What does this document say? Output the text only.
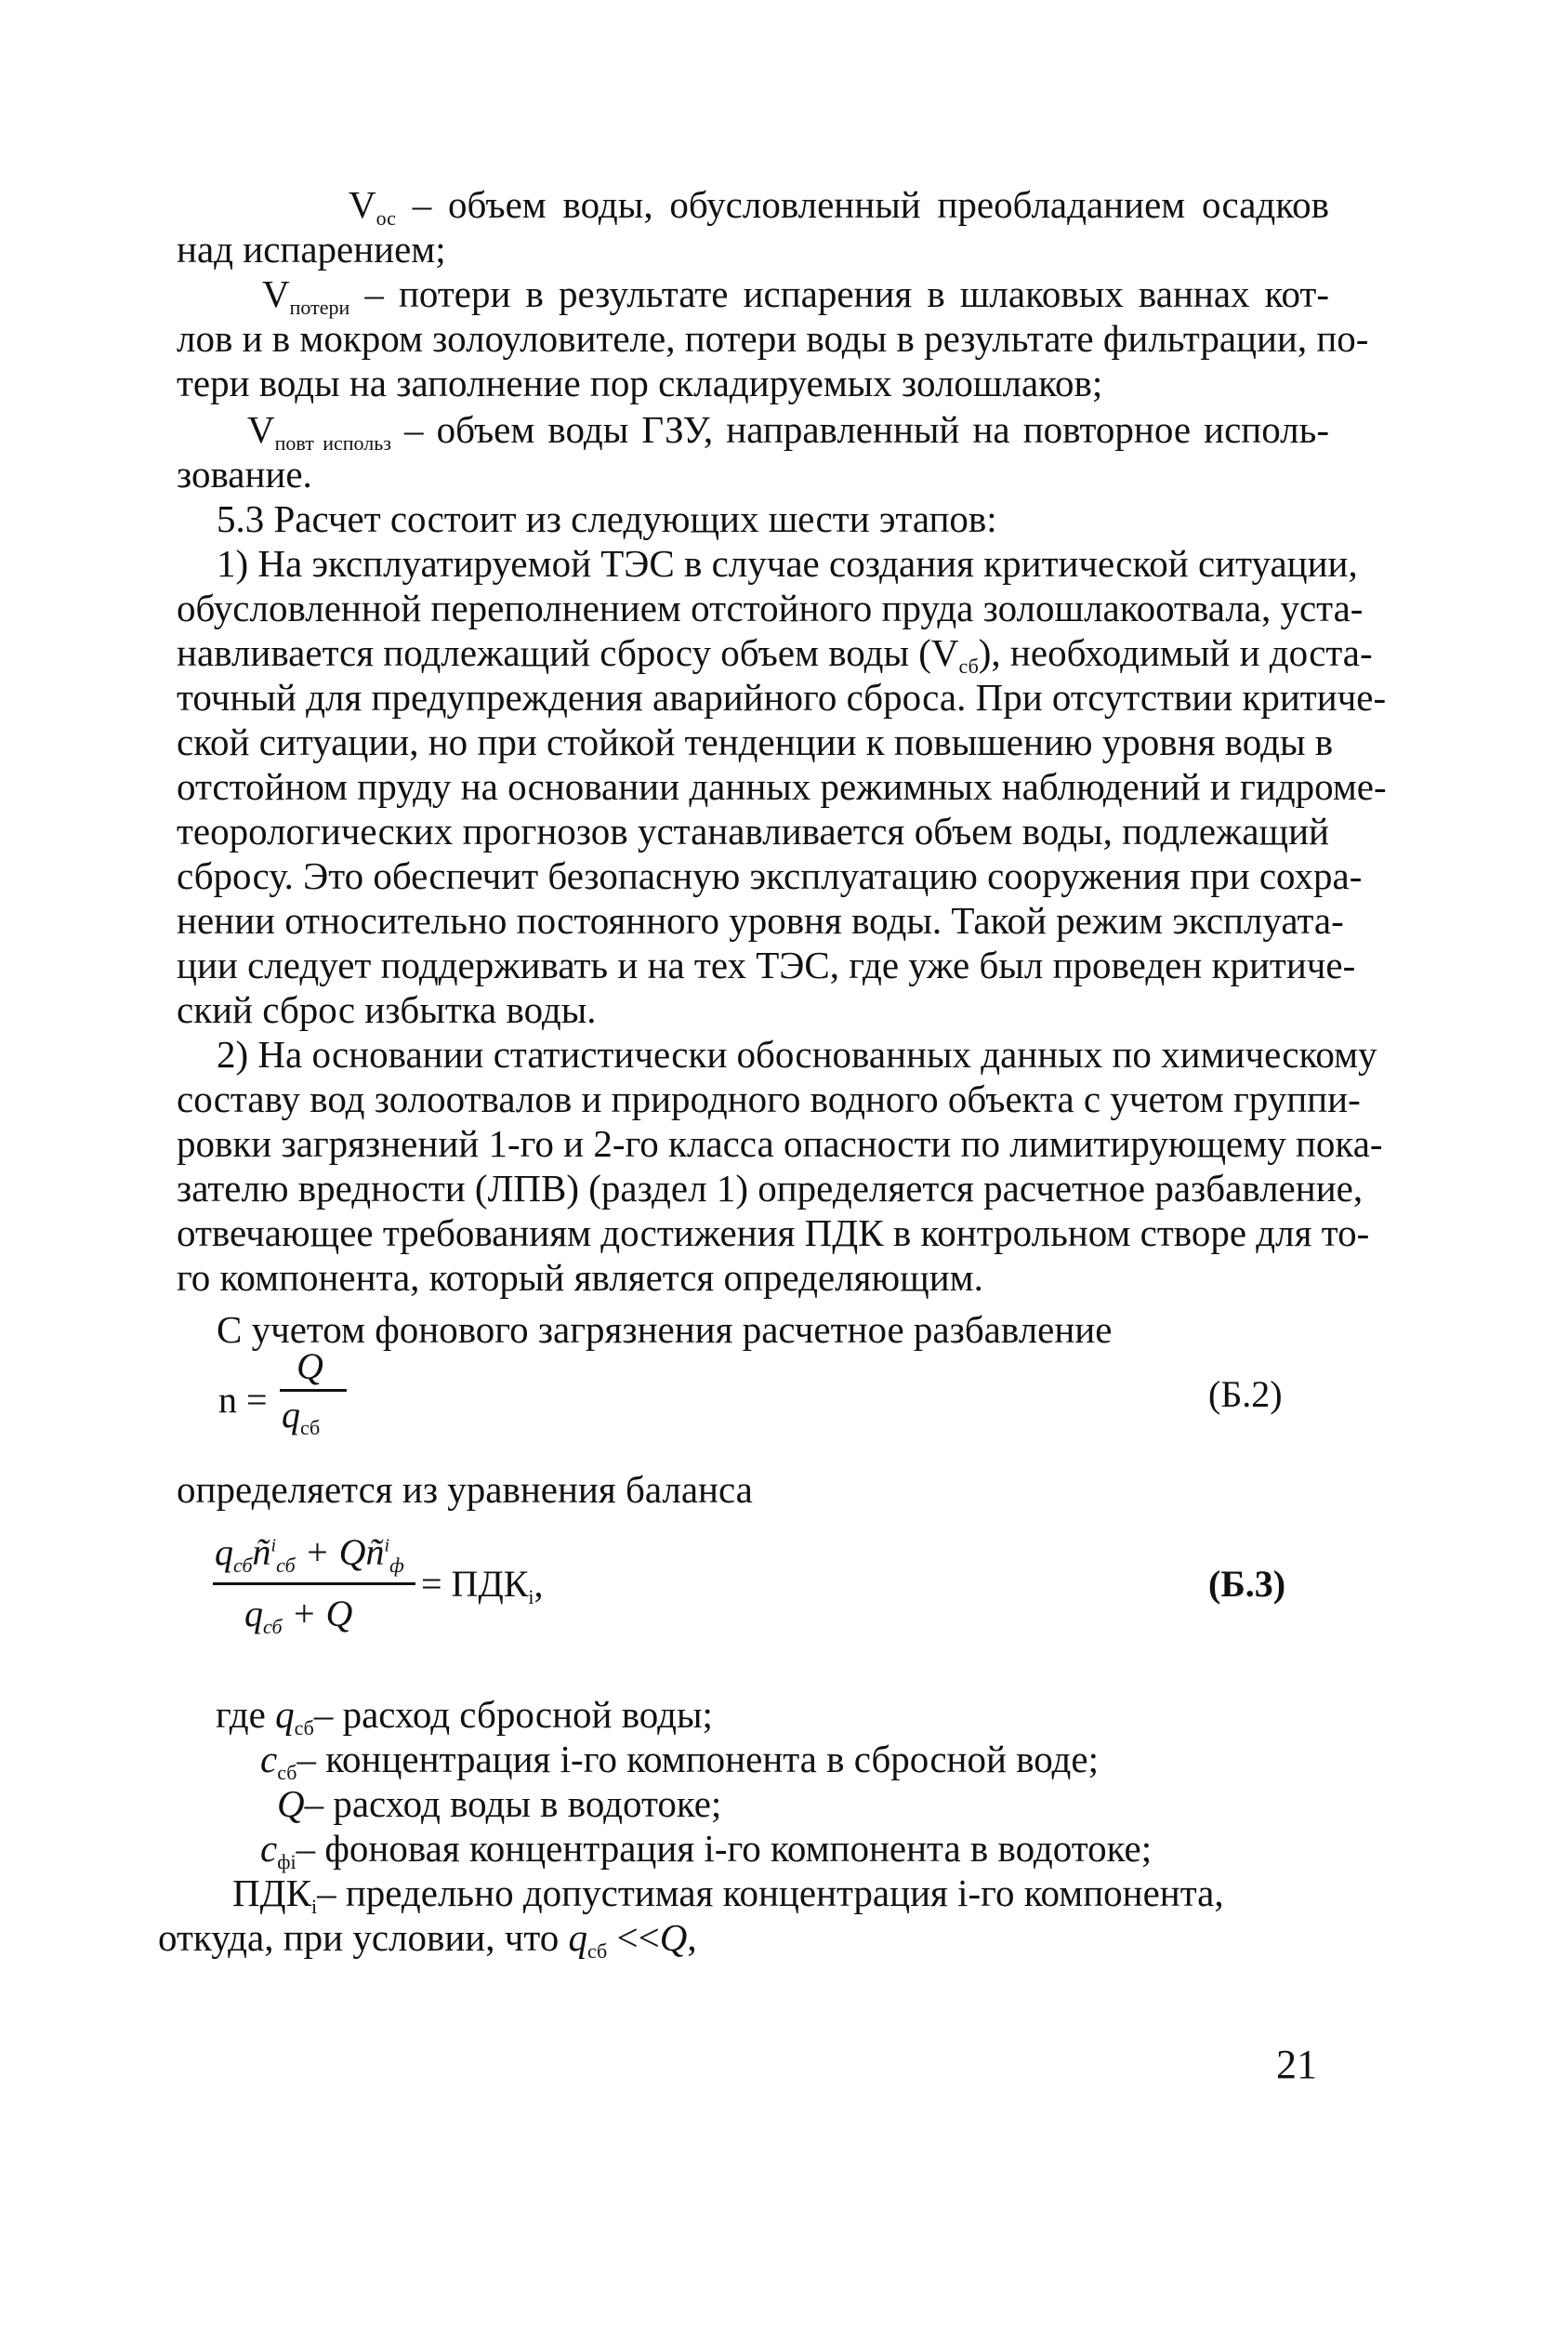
$V_{ос}$ – объем воды, обусловленный преобладанием осадков
над испарением;
$V_{потери}$ – потери в результате испарения в шлаковых ваннах кот-
лов и в мокром золоуловителе, потери воды в результате фильтрации, по-
тери воды на заполнение пор складируемых золошлаков;
$V_{повт использ}$ – объем воды ГЗУ, направленный на повторное исполь-
зование.
5.3 Расчет состоит из следующих шести этапов:
1) На эксплуатируемой ТЭС в случае создания критической ситуации,
обусловленной переполнением отстойного пруда золошлакоотвала, уста-
навливается подлежащий сбросу объем воды $(V_{сб})$, необходимый и доста-
точный для предупреждения аварийного сброса. При отсутствии критиче-
ской ситуации, но при стойкой тенденции к повышению уровня воды в
отстойном пруду на основании данных режимных наблюдений и гидроме-
теорологических прогнозов устанавливается объем воды, подлежащий
сбросу. Это обеспечит безопасную эксплуатацию сооружения при сохра-
нении относительно постоянного уровня воды. Такой режим эксплуата-
ции следует поддерживать и на тех ТЭС, где уже был проведен критиче-
ский сброс избытка воды.
2) На основании статистически обоснованных данных по химическому
составу вод золоотвалов и природного водного объекта с учетом группи-
ровки загрязнений 1-го и 2-го класса опасности по лимитирующему пока-
зателю вредности (ЛПВ) (раздел 1) определяется расчетное разбавление,
отвечающее требованиям достижения ПДК в контрольном створе для то-
го компонента, который является определяющим.
С учетом фонового загрязнения расчетное разбавление
n =
Q
$q_{сб}$
(Б.2)
определяется из уравнения баланса
$q_{сб}ñ^i_{сб}$ + $Qñ^i_ф$
$q_{сб} + Q$
= $ПДК_i$,	(Б.3)
где $q_{сб}-$ расход сбросной воды;
$c_{сб}-$ концентрация i-го компонента в сбросной воде;
Q– расход воды в водотоке;
$c_{фi}-$ фоновая концентрация i-го компонента в водотоке;
$ПДК_i-$ предельно допустимая концентрация i-го компонента,
откуда, при условии, что $q_{сб} <<Q$,
21
